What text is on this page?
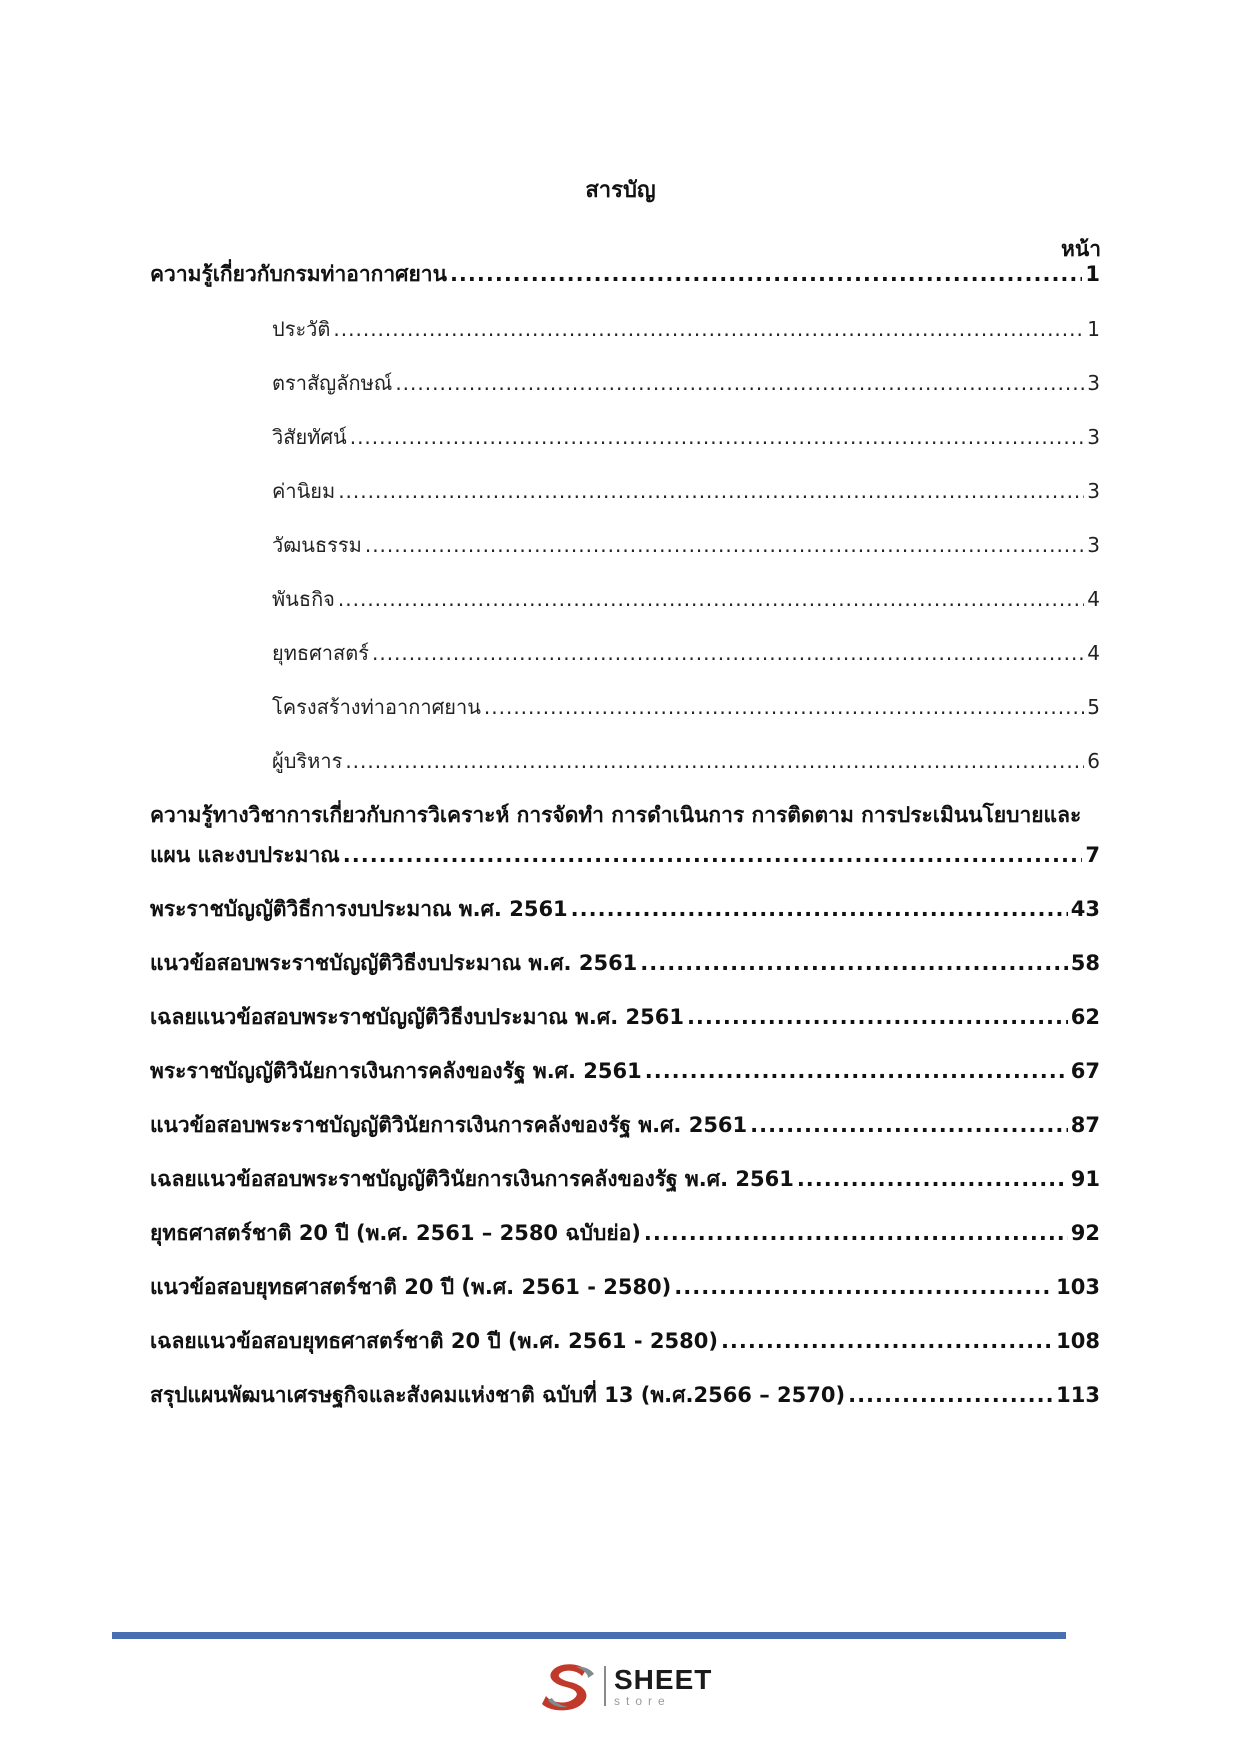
สารบัญ
หน้า
ความรู้เกี่ยวกับกรมท่าอากาศยาน .....	1
ประวัติ .....	1
ตราสัญลักษณ์ .....	3
วิสัยทัศน์ .....	3
ค่านิยม .....	3
วัฒนธรรม .....	3
พันธกิจ .....	4
ยุทธศาสตร์ .....	4
โครงสร้างท่าอากาศยาน .....	5
ผู้บริหาร .....	6
ความรู้ทางวิชาการเกี่ยวกับการวิเคราะห์ การจัดทำ การดำเนินการ การติดตาม การประเมินนโยบายและ
แผน และงบประมาณ .....	7
พระราชบัญญัติวิธีการงบประมาณ พ.ศ. 2561 .....	43
แนวข้อสอบพระราชบัญญัติวิธีงบประมาณ พ.ศ. 2561 .....	58
เฉลยแนวข้อสอบพระราชบัญญัติวิธีงบประมาณ พ.ศ. 2561 .....	62
พระราชบัญญัติวินัยการเงินการคลังของรัฐ พ.ศ. 2561 .....	67
แนวข้อสอบพระราชบัญญัติวินัยการเงินการคลังของรัฐ พ.ศ. 2561 .....	87
เฉลยแนวข้อสอบพระราชบัญญัติวินัยการเงินการคลังของรัฐ พ.ศ. 2561 .....	91
ยุทธศาสตร์ชาติ 20 ปี (พ.ศ. 2561 – 2580 ฉบับย่อ) .....	92
แนวข้อสอบยุทธศาสตร์ชาติ 20 ปี (พ.ศ. 2561 - 2580) .....	103
เฉลยแนวข้อสอบยุทธศาสตร์ชาติ 20 ปี (พ.ศ. 2561 - 2580) .....	108
สรุปแผนพัฒนาเศรษฐกิจและสังคมแห่งชาติ ฉบับที่ 13 (พ.ศ.2566 – 2570) .....	113
SHEET
store
